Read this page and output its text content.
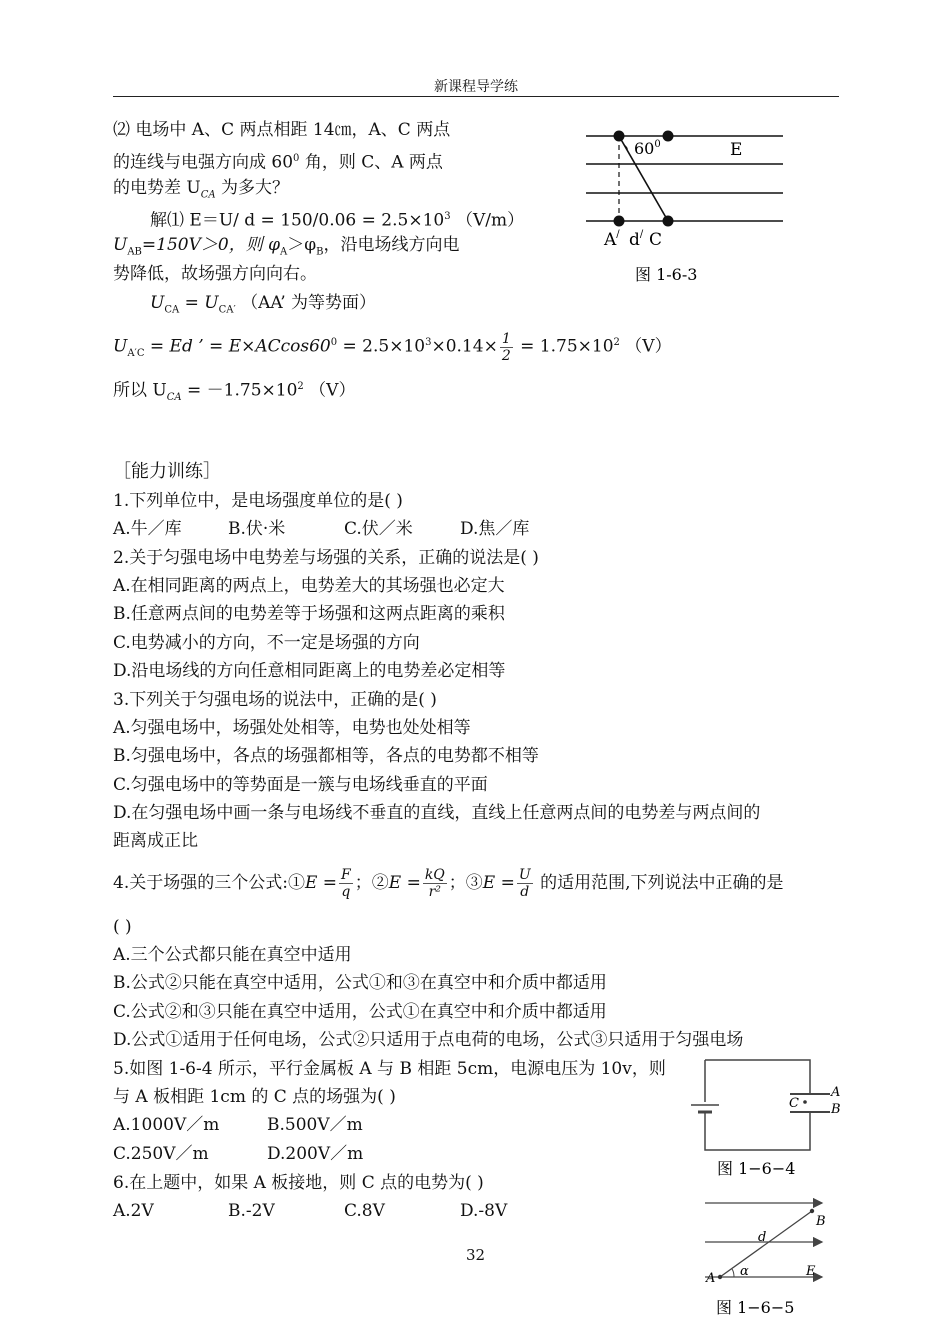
新课程导学练
⑵ 电场中 A、C 两点相距 14㎝，A、C 两点
的连线与电强方向成 $60^0$ 角，则 C、A 两点
的电势差 $U_{CA}$ 为多大？
解⑴ E＝U/ $d = 150/0.06 = 2.5\times 10^3$ （V/m）
$U_{AB}=150V>0$，则 $\varphi_A>\varphi_B$，沿电场线方向电
势降低，故场强方向向右。
$U_{CA} = U_{CA'}$ （AA’ 为等势面）
$U_{A'C} = Ed$ ’ = $E\times ACcos60^0 = 2.5\times 10^3\times 0.14\times \frac{1}{2} = 1.75\times 10^2$ （V）
所以 $U_{CA} = -1.75\times 10^2$ （V）
$60^0$	E
A/ d/ C
图 1-6-3
［能力训练］
1.下列单位中，是电场强度单位的是( )
A.牛／库	B.伏·米	C.伏／米	D.焦／库
2.关于匀强电场中电势差与场强的关系，正确的说法是( )
A.在相同距离的两点上，电势差大的其场强也必定大
B.任意两点间的电势差等于场强和这两点距离的乘积
C.电势减小的方向，不一定是场强的方向
D.沿电场线的方向任意相同距离上的电势差必定相等
3.下列关于匀强电场的说法中，正确的是( )
A.匀强电场中，场强处处相等，电势也处处相等
B.匀强电场中，各点的场强都相等，各点的电势都不相等
C.匀强电场中的等势面是一簇与电场线垂直的平面
D.在匀强电场中画一条与电场线不垂直的直线，直线上任意两点间的电势差与两点间的
距离成正比
4.关于场强的三个公式:①E = $\frac{F}{q}$ ；②E = $\frac{kQ}{\text{r²}}$ ；③E = $\frac{U}{d}$ 的适用范围,下列说法中正确的是
( )
A.三个公式都只能在真空中适用
B.公式②只能在真空中适用，公式①和③在真空中和介质中都适用
C.公式②和③只能在真空中适用，公式①在真空中和介质中都适用
D.公式①适用于任何电场，公式②只适用于点电荷的电场，公式③只适用于匀强电场
5.如图 1-6-4 所示，平行金属板 A 与 B 相距 5cm，电源电压为 10v，则
与 A 板相距 1cm 的 C 点的场强为( )
A.1000V／m	B.500V／m
C.250V／m	D.200V／m
C
A
B
图 1−6−4
6.在上题中，如果 A 板接地，则 C 点的电势为( )
A.2V	B.-2V	C.8V	D.-8V
32
B
d
A α	E
图 1−6−5
